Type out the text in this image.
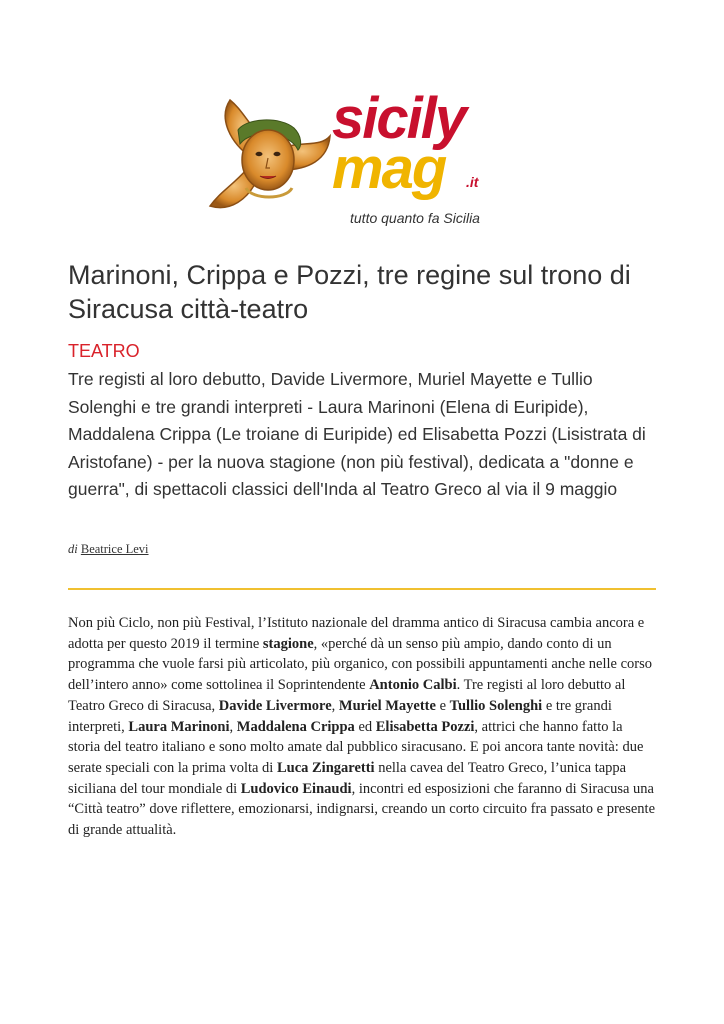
sicily
mag .it
tutto quanto fa Sicilia
Marinoni, Crippa e Pozzi, tre regine sul trono di Siracusa città-teatro
TEATRO

Tre registi al loro debutto, Davide Livermore, Muriel Mayette e Tullio Solenghi e tre grandi interpreti - Laura Marinoni (Elena di Euripide), Maddalena Crippa (Le troiane di Euripide) ed Elisabetta Pozzi (Lisistrata di Aristofane) - per la nuova stagione (non più festival), dedicata a "donne e guerra", di spettacoli classici dell'Inda al Teatro Greco al via il 9 maggio

di Beatrice Levi

Non più Ciclo, non più Festival, l’Istituto nazionale del dramma antico di Siracusa cambia ancora e adotta per questo 2019 il termine stagione, «perché dà un senso più ampio, dando conto di un programma che vuole farsi più articolato, più organico, con possibili appuntamenti anche nelle corso dell’intero anno» come sottolinea il Soprintendente Antonio Calbi. Tre registi al loro debutto al Teatro Greco di Siracusa, Davide Livermore, Muriel Mayette e Tullio Solenghi e tre grandi interpreti, Laura Marinoni, Maddalena Crippa ed Elisabetta Pozzi, attrici che hanno fatto la storia del teatro italiano e sono molto amate dal pubblico siracusano. E poi ancora tante novità: due serate speciali con la prima volta di Luca Zingaretti nella cavea del Teatro Greco, l’unica tappa siciliana del tour mondiale di Ludovico Einaudi, incontri ed esposizioni che faranno di Siracusa una “Città teatro” dove riflettere, emozionarsi, indignarsi, creando un corto circuito fra passato e presente di grande attualità.
